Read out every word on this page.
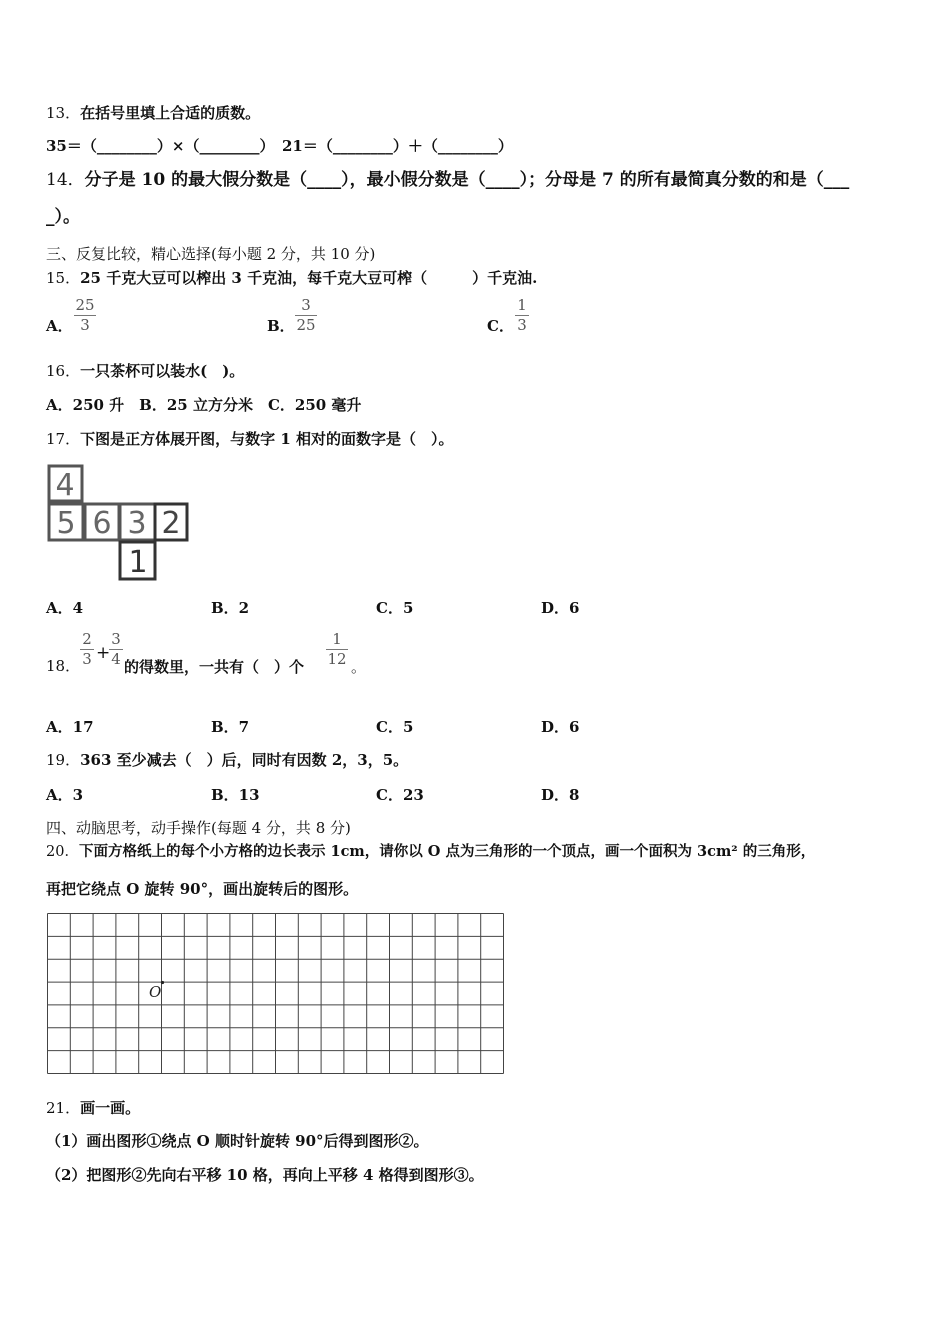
13．在括号里填上合适的质数。
35＝（________）×（________）　21＝（________）＋（________）
14．分子是 10 的最大假分数是（____），最小假分数是（____）；分母是 7 的所有最简真分数的和是（___
_）。
三、反复比较，精心选择(每小题 2 分，共 10 分)
15．25 千克大豆可以榨出 3 千克油，每千克大豆可榨（　　　）千克油.
A．
25
3	B．
3
25	C．
1
3
16．一只茶杯可以装水(　)。
A．250 升　B．25 立方分米　C．250 毫升
17．下图是正方体展开图，与数字 1 相对的面数字是（　）。
4
5 6 3 2
1
A．4	B．2	C．5	D．6
18．
2
3 +
3
4 的得数里，一共有（　）个
1
12 。
A．17	B．7	C．5	D．6
19．363 至少减去（　）后，同时有因数 2，3，5。
A．3	B．13	C．23	D．8
四、动脑思考，动手操作(每题 4 分，共 8 分)
20．下面方格纸上的每个小方格的边长表示 1cm，请你以 O 点为三角形的一个顶点，画一个面积为 3cm² 的三角形，
再把它绕点 O 旋转 90°，画出旋转后的图形。
O
21．画一画。
（1）画出图形①绕点 O 顺时针旋转 90°后得到图形②。
（2）把图形②先向右平移 10 格，再向上平移 4 格得到图形③。
